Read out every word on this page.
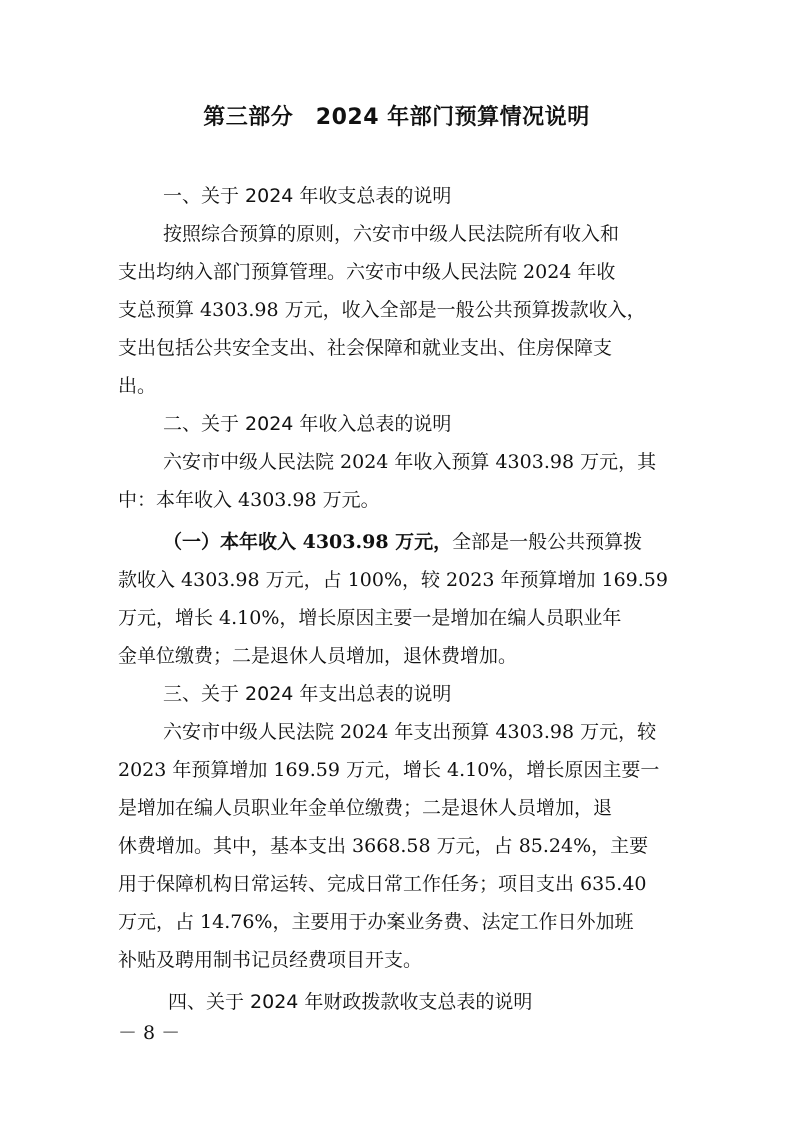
第三部分　2024 年部门预算情况说明
一、关于 2024 年收支总表的说明
按照综合预算的原则，六安市中级人民法院所有收入和
支出均纳入部门预算管理。六安市中级人民法院 2024 年收
支总预算 4303.98 万元，收入全部是一般公共预算拨款收入，
支出包括公共安全支出、社会保障和就业支出、住房保障支
出。
二、关于 2024 年收入总表的说明
六安市中级人民法院 2024 年收入预算 4303.98 万元，其
中：本年收入 4303.98 万元。
（一）本年收入 4303.98 万元，全部是一般公共预算拨
款收入 4303.98 万元，占 100%，较 2023 年预算增加 169.59
万元，增长 4.10%，增长原因主要一是增加在编人员职业年
金单位缴费；二是退休人员增加，退休费增加。
三、关于 2024 年支出总表的说明
六安市中级人民法院 2024 年支出预算 4303.98 万元，较
2023 年预算增加 169.59 万元，增长 4.10%，增长原因主要一
是增加在编人员职业年金单位缴费；二是退休人员增加，退
休费增加。其中，基本支出 3668.58 万元，占 85.24%，主要
用于保障机构日常运转、完成日常工作任务；项目支出 635.40
万元，占 14.76%，主要用于办案业务费、法定工作日外加班
补贴及聘用制书记员经费项目开支。
四、关于 2024 年财政拨款收支总表的说明
－ 8 －
